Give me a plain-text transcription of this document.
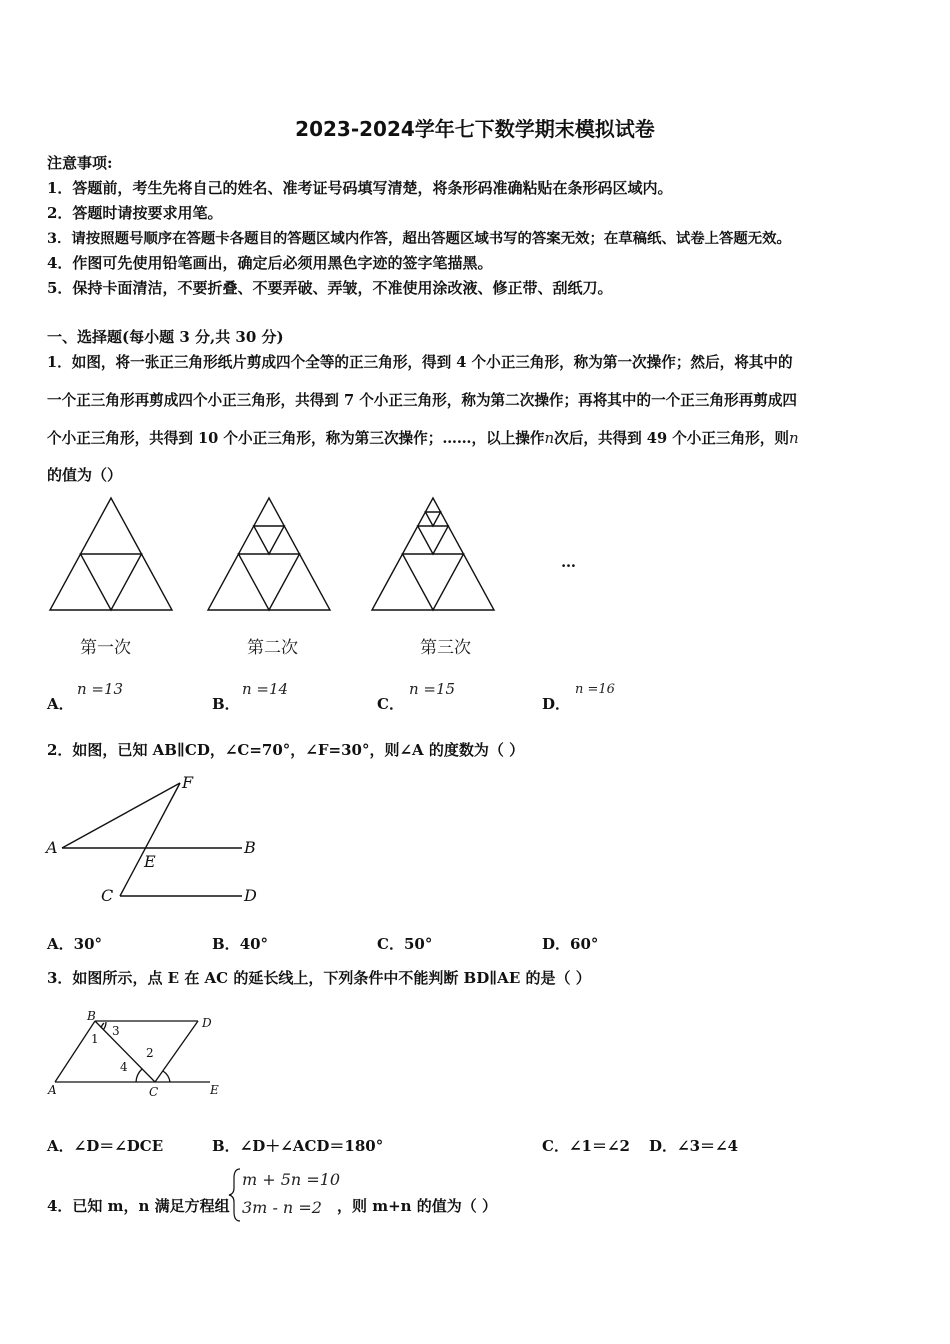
2023-2024学年七下数学期末模拟试卷
注意事项:
1．答题前，考生先将自己的姓名、准考证号码填写清楚，将条形码准确粘贴在条形码区域内。
2．答题时请按要求用笔。
3．请按照题号顺序在答题卡各题目的答题区域内作答，超出答题区域书写的答案无效；在草稿纸、试卷上答题无效。
4．作图可先使用铅笔画出，确定后必须用黑色字迹的签字笔描黑。
5．保持卡面清洁，不要折叠、不要弄破、弄皱，不准使用涂改液、修正带、刮纸刀。
一、选择题(每小题 3 分,共 30 分)
1．如图，将一张正三角形纸片剪成四个全等的正三角形，得到 4 个小正三角形，称为第一次操作；然后，将其中的
一个正三角形再剪成四个小正三角形，共得到 7 个小正三角形，称为第二次操作；再将其中的一个正三角形再剪成四
个小正三角形，共得到 10 个小正三角形，称为第三次操作；……，以上操作n次后，共得到 49 个小正三角形，则n
的值为（）
…
第一次	第二次	第三次
A．
n =13
B．
n =14
C．
n =15
D．
n =16
2．如图，已知 AB∥CD，∠C=70°，∠F=30°，则∠A 的度数为（ ）
A	B
C	D
E
F
A．30°	B．40°	C．50°	D．60°
3．如图所示，点 E 在 AC 的延长线上，下列条件中不能判断 BD∥AE 的是（ ）
B	D
A	C	E
1
2
3
4
A．∠D＝∠DCE	B．∠D＋∠ACD＝180°	C．∠1＝∠2 D．∠3＝∠4
4．已知 m，n 满足方程组
m + 5n =10
3m - n =2 ，则 m+n 的值为（ ）
